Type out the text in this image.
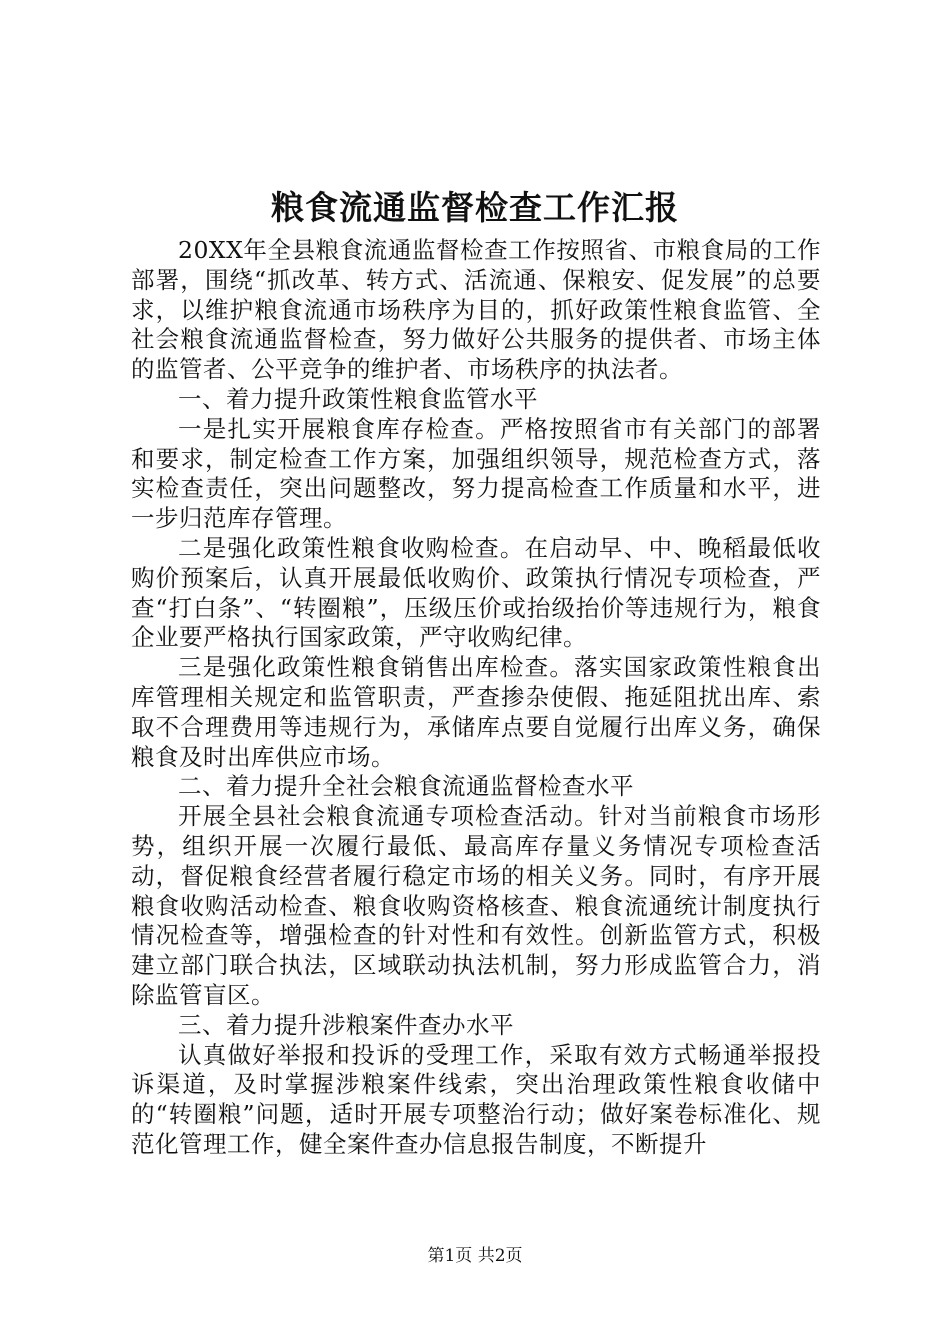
粮食流通监督检查工作汇报

20XX年全县粮食流通监督检查工作按照省、市粮食局的工作部署，围绕“抓改革、转方式、活流通、保粮安、促发展”的总要求，以维护粮食流通市场秩序为目的，抓好政策性粮食监管、全社会粮食流通监督检查，努力做好公共服务的提供者、市场主体的监管者、公平竞争的维护者、市场秩序的执法者。

一、着力提升政策性粮食监管水平

一是扎实开展粮食库存检查。严格按照省市有关部门的部署和要求，制定检查工作方案，加强组织领导，规范检查方式，落实检查责任，突出问题整改，努力提高检查工作质量和水平，进一步归范库存管理。

二是强化政策性粮食收购检查。在启动早、中、晚稻最低收购价预案后，认真开展最低收购价、政策执行情况专项检查，严查“打白条”、“转圈粮”，压级压价或抬级抬价等违规行为，粮食企业要严格执行国家政策，严守收购纪律。

三是强化政策性粮食销售出库检查。落实国家政策性粮食出库管理相关规定和监管职责，严查掺杂使假、拖延阻扰出库、索取不合理费用等违规行为，承储库点要自觉履行出库义务，确保粮食及时出库供应市场。

二、着力提升全社会粮食流通监督检查水平

开展全县社会粮食流通专项检查活动。针对当前粮食市场形势，组织开展一次履行最低、最高库存量义务情况专项检查活动，督促粮食经营者履行稳定市场的相关义务。同时，有序开展粮食收购活动检查、粮食收购资格核查、粮食流通统计制度执行情况检查等，增强检查的针对性和有效性。创新监管方式，积极建立部门联合执法，区域联动执法机制，努力形成监管合力，消除监管盲区。

三、着力提升涉粮案件查办水平

认真做好举报和投诉的受理工作，采取有效方式畅通举报投诉渠道，及时掌握涉粮案件线索，突出治理政策性粮食收储中的“转圈粮”问题，适时开展专项整治行动；做好案卷标准化、规范化管理工作，健全案件查办信息报告制度，不断提升

第1页 共2页
